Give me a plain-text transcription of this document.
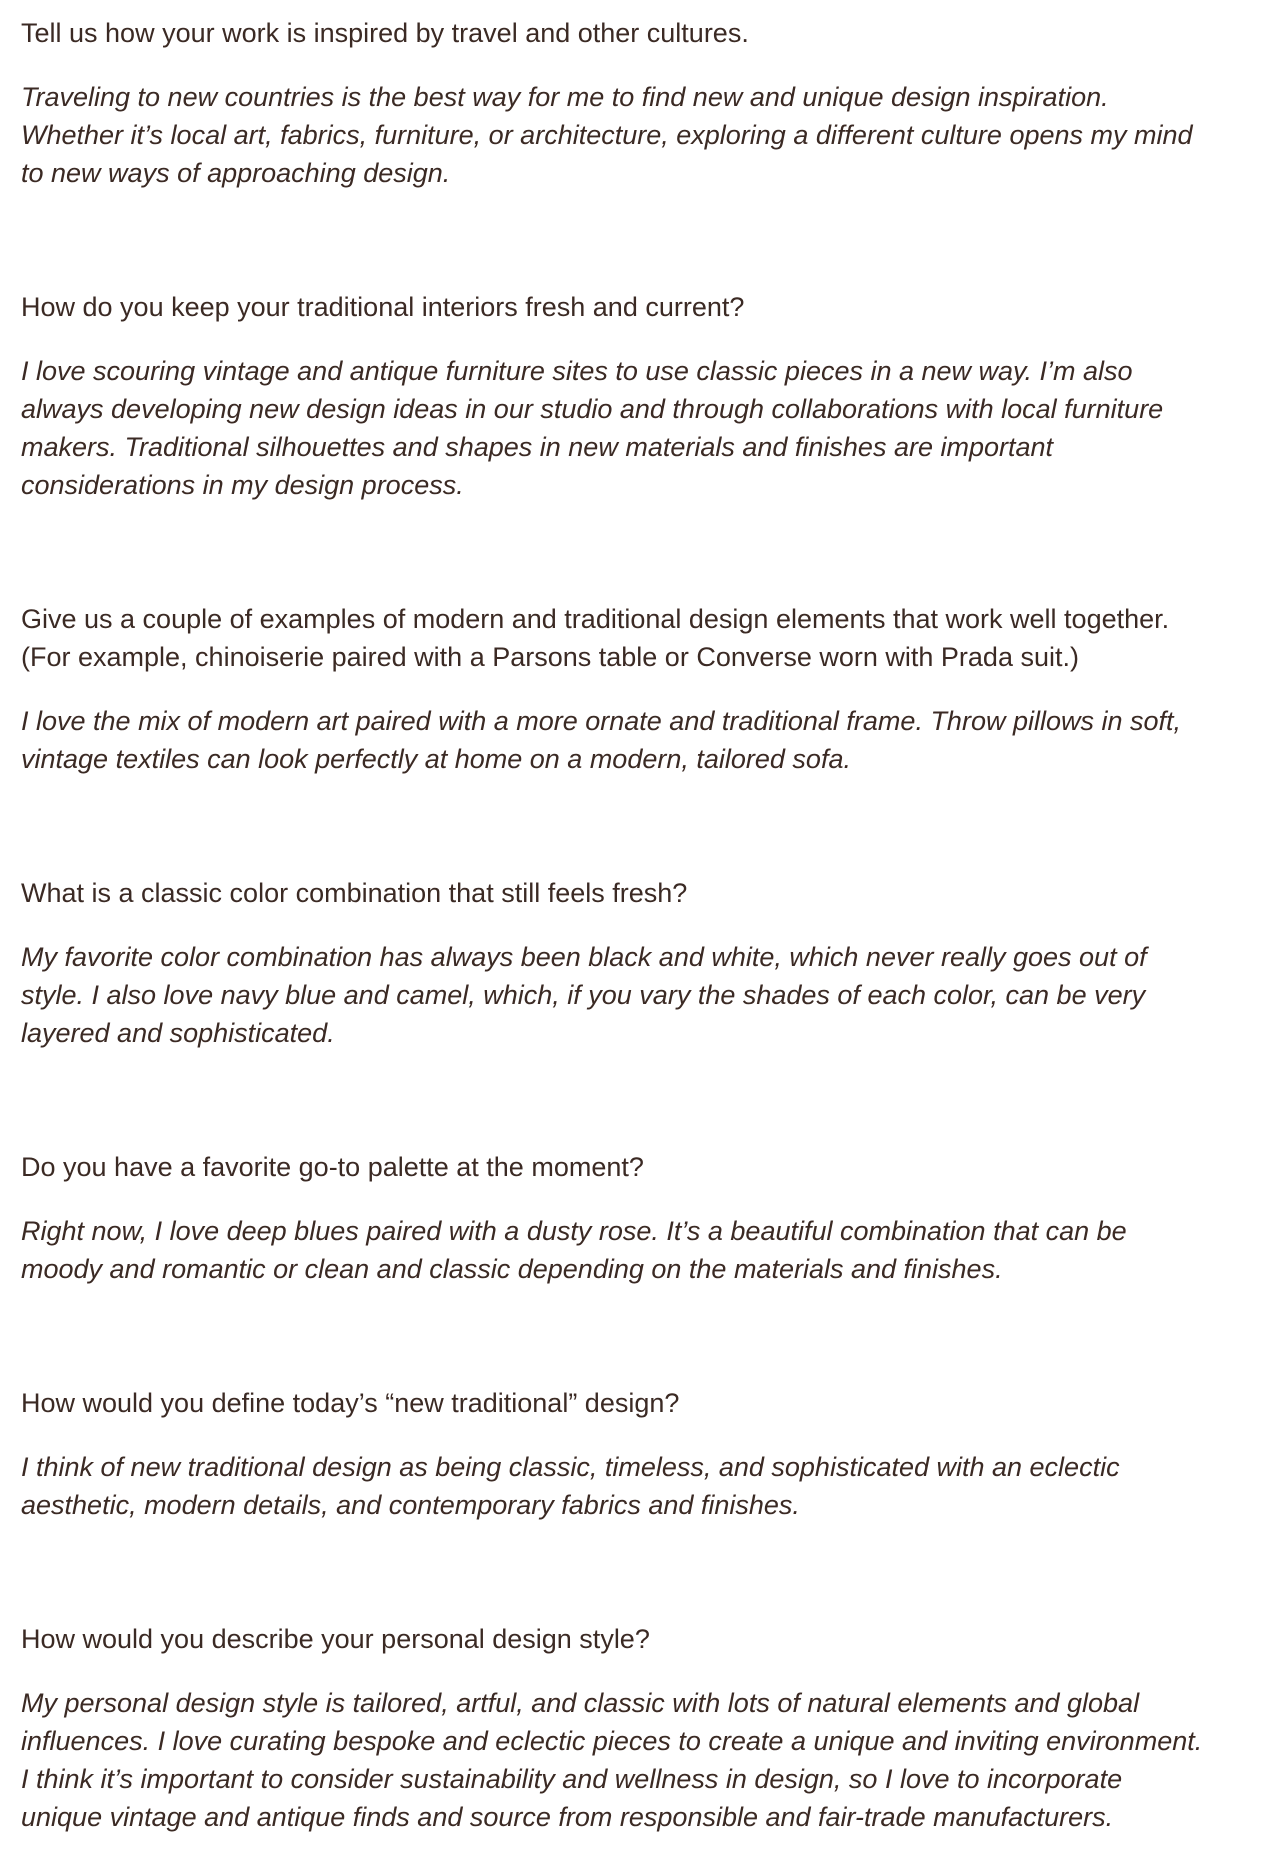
Tell us how your work is inspired by travel and other cultures.

Traveling to new countries is the best way for me to find new and unique design inspiration. Whether it’s local art, fabrics, furniture, or architecture, exploring a different culture opens my mind to new ways of approaching design.

How do you keep your traditional interiors fresh and current?

I love scouring vintage and antique furniture sites to use classic pieces in a new way. I’m also always developing new design ideas in our studio and through collaborations with local furniture makers. Traditional silhouettes and shapes in new materials and finishes are important considerations in my design process.

Give us a couple of examples of modern and traditional design elements that work well together. (For example, chinoiserie paired with a Parsons table or Converse worn with Prada suit.)

I love the mix of modern art paired with a more ornate and traditional frame. Throw pillows in soft, vintage textiles can look perfectly at home on a modern, tailored sofa.

What is a classic color combination that still feels fresh?

My favorite color combination has always been black and white, which never really goes out of style. I also love navy blue and camel, which, if you vary the shades of each color, can be very layered and sophisticated.

Do you have a favorite go-to palette at the moment?

Right now, I love deep blues paired with a dusty rose. It’s a beautiful combination that can be moody and romantic or clean and classic depending on the materials and finishes.

How would you define today’s “new traditional” design?

I think of new traditional design as being classic, timeless, and sophisticated with an eclectic aesthetic, modern details, and contemporary fabrics and finishes.

How would you describe your personal design style?

My personal design style is tailored, artful, and classic with lots of natural elements and global influences. I love curating bespoke and eclectic pieces to create a unique and inviting environment. I think it’s important to consider sustainability and wellness in design, so I love to incorporate unique vintage and antique finds and source from responsible and fair-trade manufacturers.
